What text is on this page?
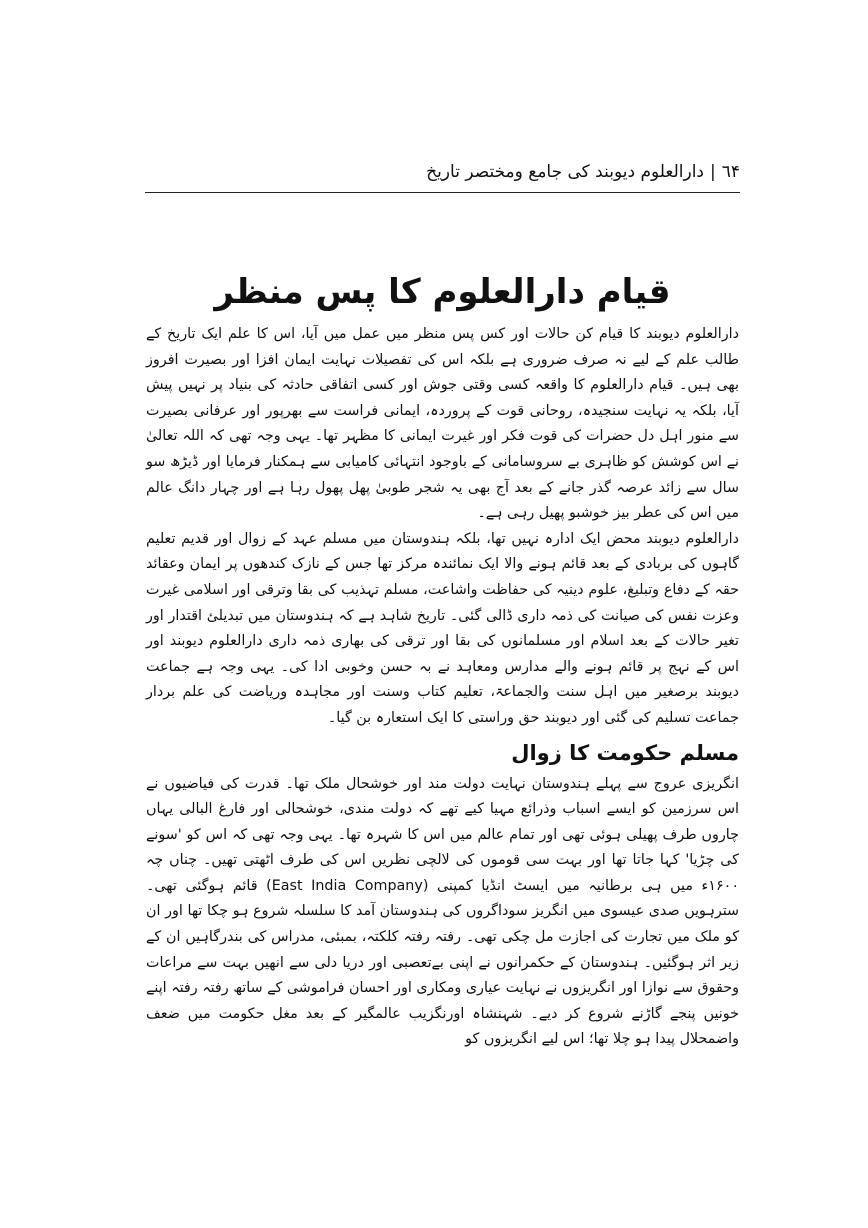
٦۴|دارالعلوم دیوبند کی جامع ومختصر تاریخ
قیام دارالعلوم کا پس منظر

دارالعلوم دیوبند کا قیام کن حالات اور کس پس منظر میں عمل میں آیا، اس کا علم ایک تاریخ کے طالب علم کے لیے نہ صرف ضروری ہے بلکہ اس کی تفصیلات نہایت ایمان افزا اور بصیرت افروز بھی ہیں۔ قیام دارالعلوم کا واقعہ کسی وقتی جوش اور کسی اتفاقی حادثہ کی بنیاد پر نہیں پیش آیا، بلکہ یہ نہایت سنجیدہ، روحانی قوت کے پروردہ، ایمانی فراست سے بھرپور اور عرفانی بصیرت سے منور اہل دل حضرات کی قوت فکر اور غیرت ایمانی کا مظہر تھا۔ یہی وجہ تھی کہ اللہ تعالیٰ نے اس کوشش کو ظاہری بے سروسامانی کے باوجود انتہائی کامیابی سے ہمکنار فرمایا اور ڈیڑھ سو سال سے زائد عرصہ گذر جانے کے بعد آج بھی یہ شجر طوبیٰ پھل پھول رہا ہے اور چہار دانگ عالم میں اس کی عطر بیز خوشبو پھیل رہی ہے۔

دارالعلوم دیوبند محض ایک ادارہ نہیں تھا، بلکہ ہندوستان میں مسلم عہد کے زوال اور قدیم تعلیم گاہوں کی بربادی کے بعد قائم ہونے والا ایک نمائندہ مرکز تھا جس کے نازک کندھوں پر ایمان وعقائد حقہ کے دفاع وتبلیغ، علوم دینیہ کی حفاظت واشاعت، مسلم تہذیب کی بقا وترقی اور اسلامی غیرت وعزت نفس کی صیانت کی ذمہ داری ڈالی گئی۔ تاریخ شاہد ہے کہ ہندوستان میں تبدیلئ اقتدار اور تغیر حالات کے بعد اسلام اور مسلمانوں کی بقا اور ترقی کی بھاری ذمہ داری دارالعلوم دیوبند اور اس کے نہج پر قائم ہونے والے مدارس ومعاہد نے بہ حسن وخوبی ادا کی۔ یہی وجہ ہے جماعت دیوبند برصغیر میں اہل سنت والجماعۃ، تعلیم کتاب وسنت اور مجاہدہ وریاضت کی علم بردار جماعت تسلیم کی گئی اور دیوبند حق وراستی کا ایک استعارہ بن گیا۔

مسلم حکومت کا زوال

انگریزی عروج سے پہلے ہندوستان نہایت دولت مند اور خوشحال ملک تھا۔ قدرت کی فیاضیوں نے اس سرزمین کو ایسے اسباب وذرائع مہیا کیے تھے کہ دولت مندی، خوشحالی اور فارغ البالی یہاں چاروں طرف پھیلی ہوئی تھی اور تمام عالم میں اس کا شہرہ تھا۔ یہی وجہ تھی کہ اس کو 'سونے کی چڑیا' کہا جاتا تھا اور بہت سی قوموں کی لالچی نظریں اس کی طرف اٹھتی تھیں۔ چناں چہ ۱۶۰۰ء میں ہی برطانیہ میں ایسٹ انڈیا کمپنی (East India Company) قائم ہوگئی تھی۔ سترہویں صدی عیسوی میں انگریز سوداگروں کی ہندوستان آمد کا سلسلہ شروع ہو چکا تھا اور ان کو ملک میں تجارت کی اجازت مل چکی تھی۔ رفتہ رفتہ کلکتہ، بمبئی، مدراس کی بندرگاہیں ان کے زیر اثر ہوگئیں۔ ہندوستان کے حکمرانوں نے اپنی بےتعصبی اور دریا دلی سے انھیں بہت سے مراعات وحقوق سے نوازا اور انگریزوں نے نہایت عیاری ومکاری اور احسان فراموشی کے ساتھ رفتہ رفتہ اپنے خونیں پنجے گاڑنے شروع کر دیے۔ شہنشاہ اورنگزیب عالمگیر کے بعد مغل حکومت میں ضعف واضمحلال پیدا ہو چلا تھا؛ اس لیے انگریزوں کو
